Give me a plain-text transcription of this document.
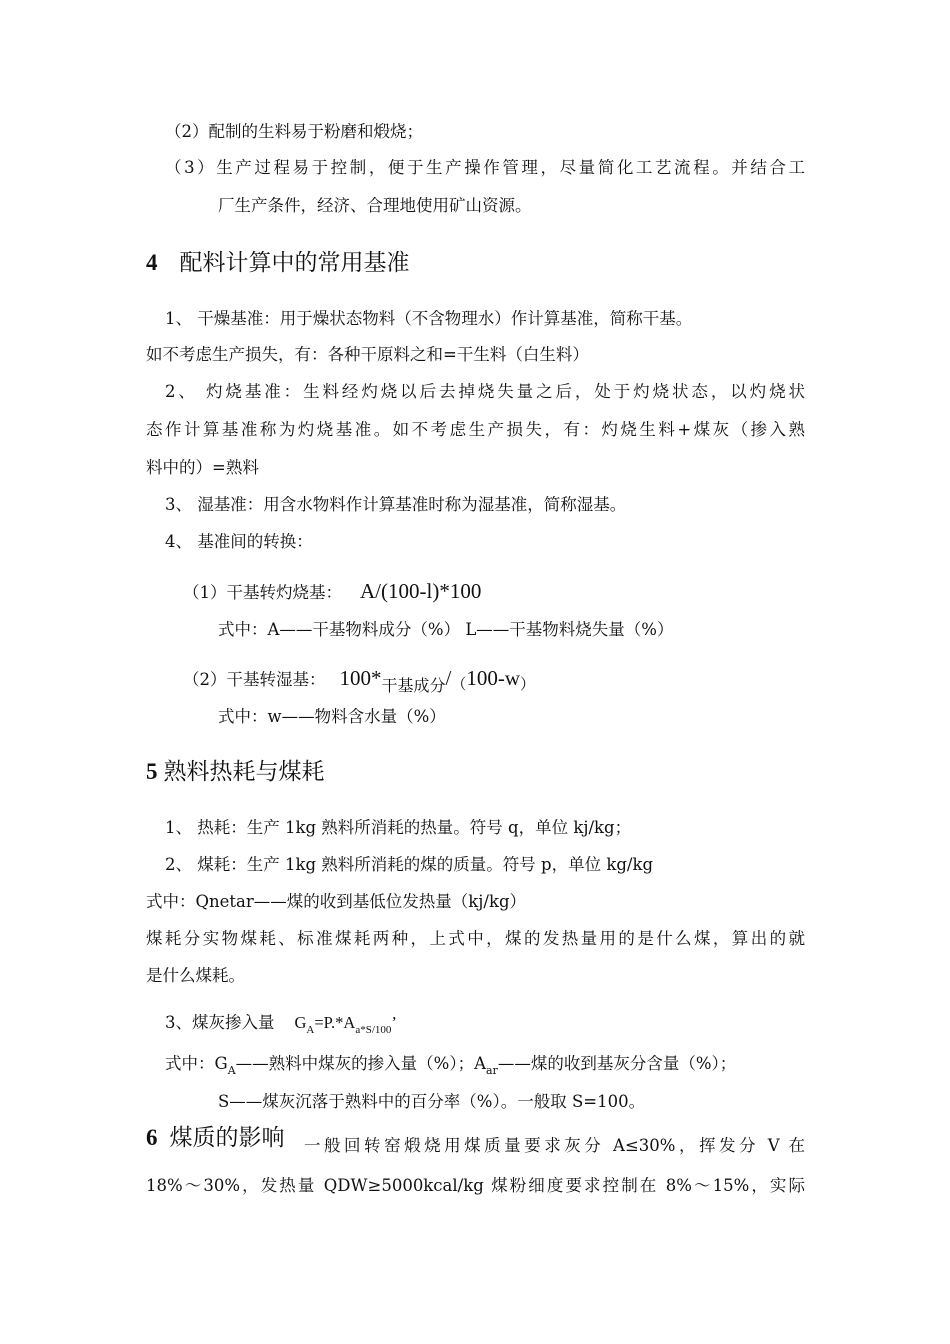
（2）配制的生料易于粉磨和煅烧；
（3）生产过程易于控制，便于生产操作管理，尽量简化工艺流程。并结合工
厂生产条件，经济、合理地使用矿山资源。
4 配料计算中的常用基准
1、 干燥基准：用于燥状态物料（不含物理水）作计算基准，简称干基。
如不考虑生产损失，有：各种干原料之和=干生料（白生料）
2、 灼烧基准：生料经灼烧以后去掉烧失量之后，处于灼烧状态，以灼烧状
态作计算基准称为灼烧基准。如不考虑生产损失，有：灼烧生料+煤灰（掺入熟
料中的）=熟料
3、 湿基准：用含水物料作计算基准时称为湿基准，简称湿基。
4、 基准间的转换：
（1）干基转灼烧基： A/(100-l)*100
式中：A——干基物料成分（%） L——干基物料烧失量（%）
（2）干基转湿基： 100*干基成分/（100-w）
式中：w——物料含水量（%）
5 熟料热耗与煤耗
1、 热耗：生产 1kg 熟料所消耗的热量。符号 q，单位 kj/kg；
2、 煤耗：生产 1kg 熟料所消耗的煤的质量。符号 p，单位 kg/kg
式中：Qnetar——煤的收到基低位发热量（kj/kg）
煤耗分实物煤耗、标准煤耗两种，上式中，煤的发热量用的是什么煤，算出的就
是什么煤耗。
3、煤灰掺入量 $G_A=P.*A_{a*S/100}$’
式中：$G_A——$熟料中煤灰的掺入量（%）；$A_{ar}——$煤的收到基灰分含量（%）；
S——煤灰沉落于熟料中的百分率（%）。一般取 S=100。
6 煤质的影响 一般回转窑煅烧用煤质量要求灰分 A≤30%，挥发分 V 在
18%～30%，发热量 QDW≥5000kcal/kg 煤粉细度要求控制在 8%～15%，实际
